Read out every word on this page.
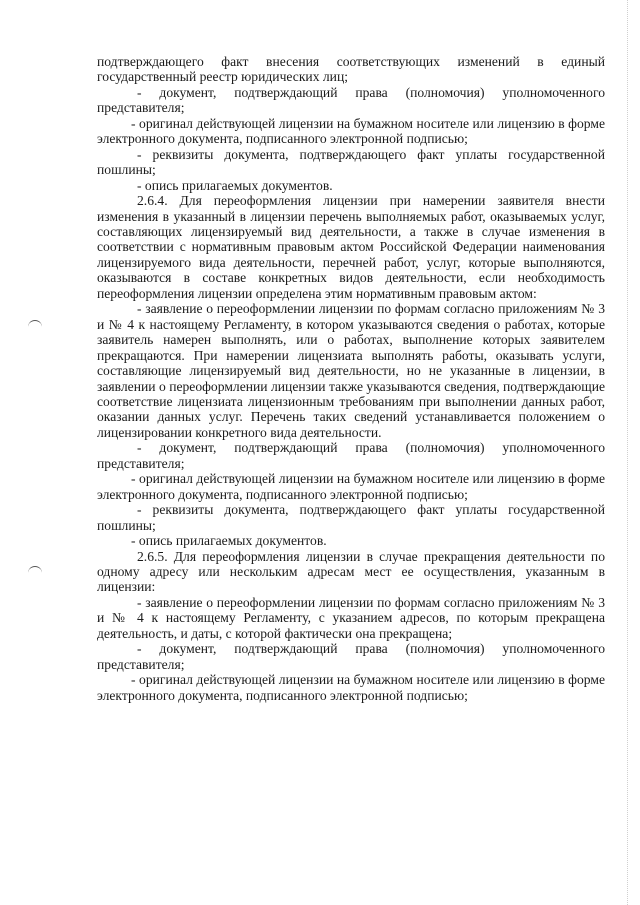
подтверждающего факт внесения соответствующих изменений в единый государственный реестр юридических лиц;

- документ, подтверждающий права (полномочия) уполномоченного представителя;

- оригинал действующей лицензии на бумажном носителе или лицензию в форме электронного документа, подписанного электронной подписью;

- реквизиты документа, подтверждающего факт уплаты государственной пошлины;

- опись прилагаемых документов.

2.6.4. Для переоформления лицензии при намерении заявителя внести изменения в указанный в лицензии перечень выполняемых работ, оказываемых услуг, составляющих лицензируемый вид деятельности, а также в случае изменения в соответствии с нормативным правовым актом Российской Федерации наименования лицензируемого вида деятельности, перечней работ, услуг, которые выполняются, оказываются в составе конкретных видов деятельности, если необходимость переоформления лицензии определена этим нормативным правовым актом:

- заявление о переоформлении лицензии по формам согласно приложениям № 3 и № 4 к настоящему Регламенту, в котором указываются сведения о работах, которые заявитель намерен выполнять, или о работах, выполнение которых заявителем прекращаются. При намерении лицензиата выполнять работы, оказывать услуги, составляющие лицензируемый вид деятельности, но не указанные в лицензии, в заявлении о переоформлении лицензии также указываются сведения, подтверждающие соответствие лицензиата лицензионным требованиям при выполнении данных работ, оказании данных услуг. Перечень таких сведений устанавливается положением о лицензировании конкретного вида деятельности.

- документ, подтверждающий права (полномочия) уполномоченного представителя;

- оригинал действующей лицензии на бумажном носителе или лицензию в форме электронного документа, подписанного электронной подписью;

- реквизиты документа, подтверждающего факт уплаты государственной пошлины;

- опись прилагаемых документов.

2.6.5. Для переоформления лицензии в случае прекращения деятельности по одному адресу или нескольким адресам мест ее осуществления, указанным в лицензии:

- заявление о переоформлении лицензии по формам согласно приложениям № 3 и № 4 к настоящему Регламенту, с указанием адресов, по которым прекращена деятельность, и даты, с которой фактически она прекращена;

- документ, подтверждающий права (полномочия) уполномоченного представителя;

- оригинал действующей лицензии на бумажном носителе или лицензию в форме электронного документа, подписанного электронной подписью;
